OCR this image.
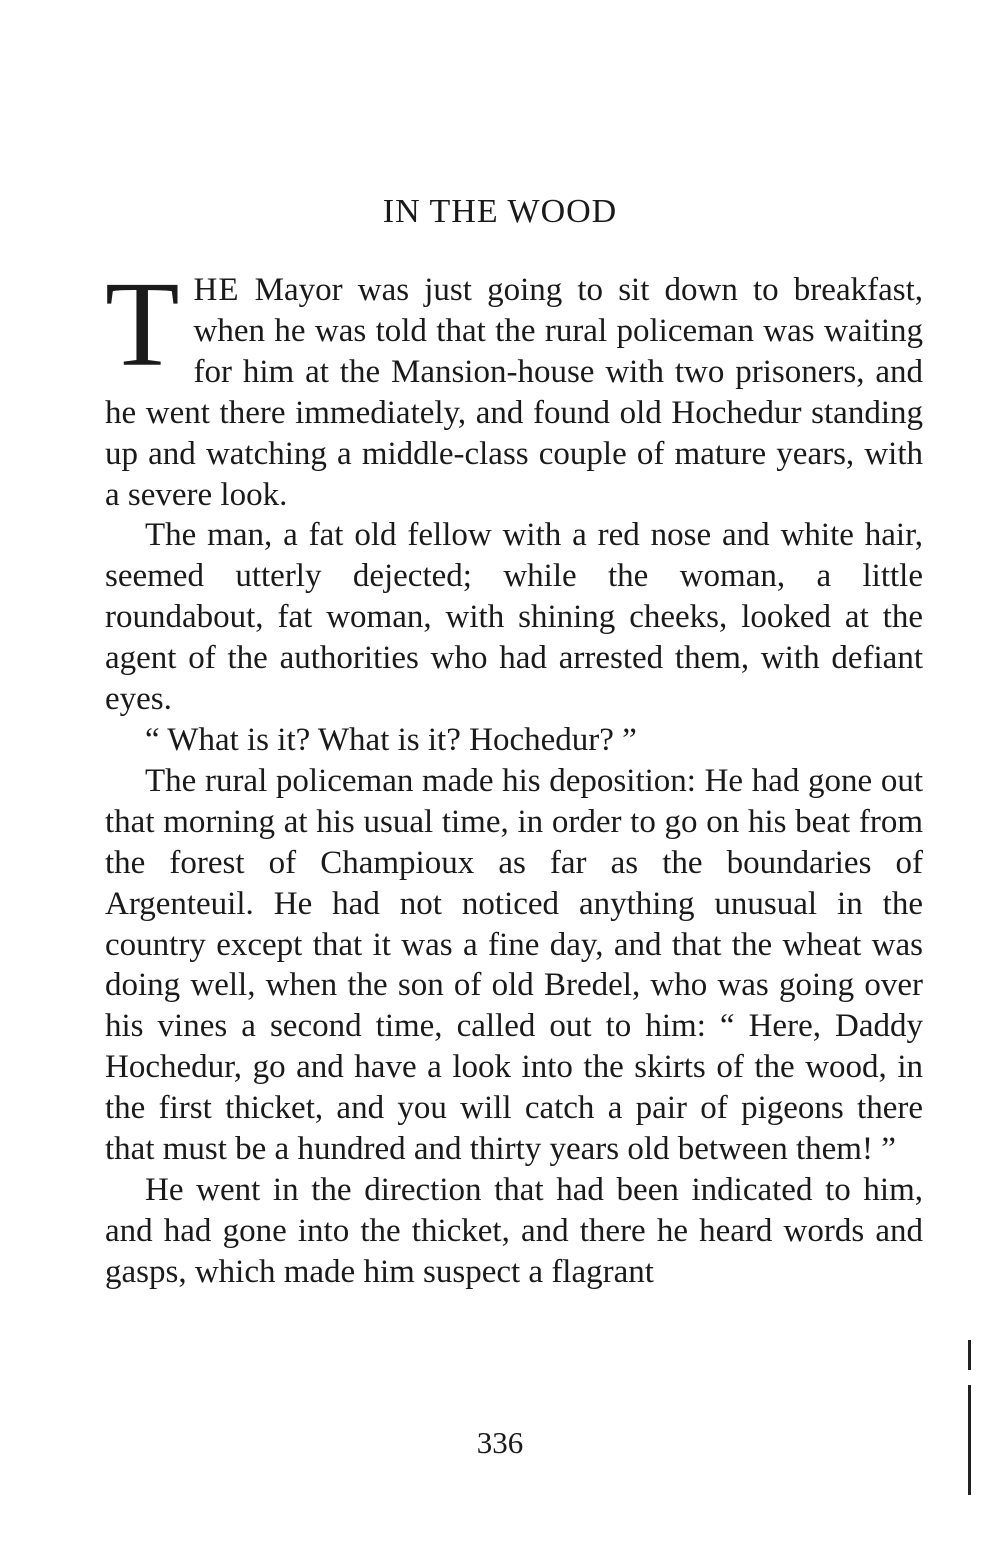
IN THE WOOD

THE Mayor was just going to sit down to breakfast, when he was told that the rural policeman was waiting for him at the Mansion-house with two prisoners, and he went there immediately, and found old Hochedur standing up and watching a middle-class couple of mature years, with a severe look.

The man, a fat old fellow with a red nose and white hair, seemed utterly dejected; while the woman, a little roundabout, fat woman, with shining cheeks, looked at the agent of the authorities who had arrested them, with defiant eyes.

“ What is it? What is it? Hochedur? ”

The rural policeman made his deposition: He had gone out that morning at his usual time, in order to go on his beat from the forest of Champioux as far as the boundaries of Argenteuil. He had not noticed anything unusual in the country except that it was a fine day, and that the wheat was doing well, when the son of old Bredel, who was going over his vines a second time, called out to him: “ Here, Daddy Hochedur, go and have a look into the skirts of the wood, in the first thicket, and you will catch a pair of pigeons there that must be a hundred and thirty years old between them! ”

He went in the direction that had been indicated to him, and had gone into the thicket, and there he heard words and gasps, which made him suspect a flagrant

336
